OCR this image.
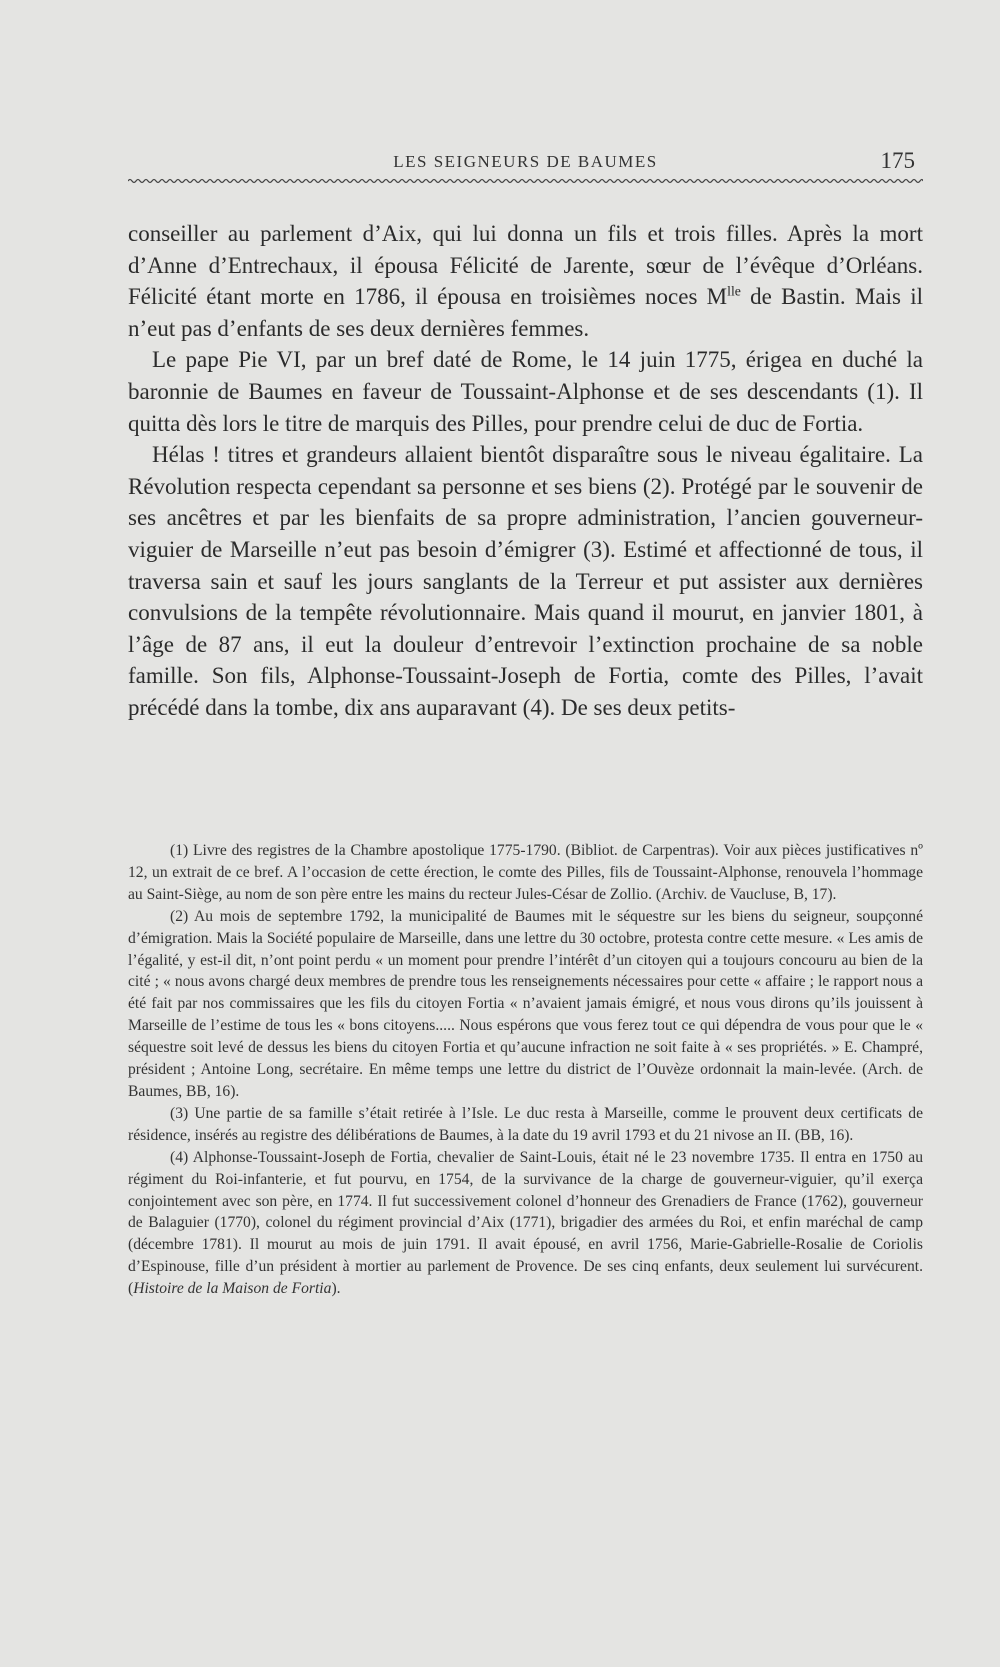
LES SEIGNEURS DE BAUMES	175

conseiller au parlement d’Aix, qui lui donna un fils et trois filles. Après la mort d’Anne d’Entrechaux, il épousa Félicité de Jarente, sœur de l’évêque d’Orléans. Félicité étant morte en 1786, il épousa en troisièmes noces $M^{lle}$ de Bastin. Mais il n’eut pas d’enfants de ses deux dernières femmes.

Le pape Pie VI, par un bref daté de Rome, le 14 juin 1775, érigea en duché la baronnie de Baumes en faveur de Toussaint-Alphonse et de ses descendants (1). Il quitta dès lors le titre de marquis des Pilles, pour prendre celui de duc de Fortia.

Hélas ! titres et grandeurs allaient bientôt disparaître sous le niveau égalitaire. La Révolution respecta cependant sa personne et ses biens (2). Protégé par le souvenir de ses ancêtres et par les bienfaits de sa propre administration, l’ancien gouverneur-viguier de Marseille n’eut pas besoin d’émigrer (3). Estimé et affectionné de tous, il traversa sain et sauf les jours sanglants de la Terreur et put assister aux dernières convulsions de la tempête révolutionnaire. Mais quand il mourut, en janvier 1801, à l’âge de 87 ans, il eut la douleur d’entrevoir l’extinction prochaine de sa noble famille. Son fils, Alphonse-Toussaint-Joseph de Fortia, comte des Pilles, l’avait précédé dans la tombe, dix ans auparavant (4). De ses deux petits-

(1) Livre des registres de la Chambre apostolique 1775-1790. (Bibliot. de Carpentras). Voir aux pièces justificatives nº 12, un extrait de ce bref. A l’occasion de cette érection, le comte des Pilles, fils de Toussaint-Alphonse, renouvela l’hommage au Saint-Siège, au nom de son père entre les mains du recteur Jules-César de Zollio. (Archiv. de Vaucluse, B, 17).

(2) Au mois de septembre 1792, la municipalité de Baumes mit le séquestre sur les biens du seigneur, soupçonné d’émigration. Mais la Société populaire de Marseille, dans une lettre du 30 octobre, protesta contre cette mesure. « Les amis de l’égalité, y est-il dit, n’ont point perdu « un moment pour prendre l’intérêt d’un citoyen qui a toujours concouru au bien de la cité ; « nous avons chargé deux membres de prendre tous les renseignements nécessaires pour cette « affaire ; le rapport nous a été fait par nos commissaires que les fils du citoyen Fortia « n’avaient jamais émigré, et nous vous dirons qu’ils jouissent à Marseille de l’estime de tous les « bons citoyens..... Nous espérons que vous ferez tout ce qui dépendra de vous pour que le « séquestre soit levé de dessus les biens du citoyen Fortia et qu’aucune infraction ne soit faite à « ses propriétés. » E. Champré, président ; Antoine Long, secrétaire. En même temps une lettre du district de l’Ouvèze ordonnait la main-levée. (Arch. de Baumes, BB, 16).

(3) Une partie de sa famille s’était retirée à l’Isle. Le duc resta à Marseille, comme le prouvent deux certificats de résidence, insérés au registre des délibérations de Baumes, à la date du 19 avril 1793 et du 21 nivose an II. (BB, 16).

(4) Alphonse-Toussaint-Joseph de Fortia, chevalier de Saint-Louis, était né le 23 novembre 1735. Il entra en 1750 au régiment du Roi-infanterie, et fut pourvu, en 1754, de la survivance de la charge de gouverneur-viguier, qu’il exerça conjointement avec son père, en 1774. Il fut successivement colonel d’honneur des Grenadiers de France (1762), gouverneur de Balaguier (1770), colonel du régiment provincial d’Aix (1771), brigadier des armées du Roi, et enfin maréchal de camp (décembre 1781). Il mourut au mois de juin 1791. Il avait épousé, en avril 1756, Marie-Gabrielle-Rosalie de Coriolis d’Espinouse, fille d’un président à mortier au parlement de Provence. De ses cinq enfants, deux seulement lui survécurent. (Histoire de la Maison de Fortia).
